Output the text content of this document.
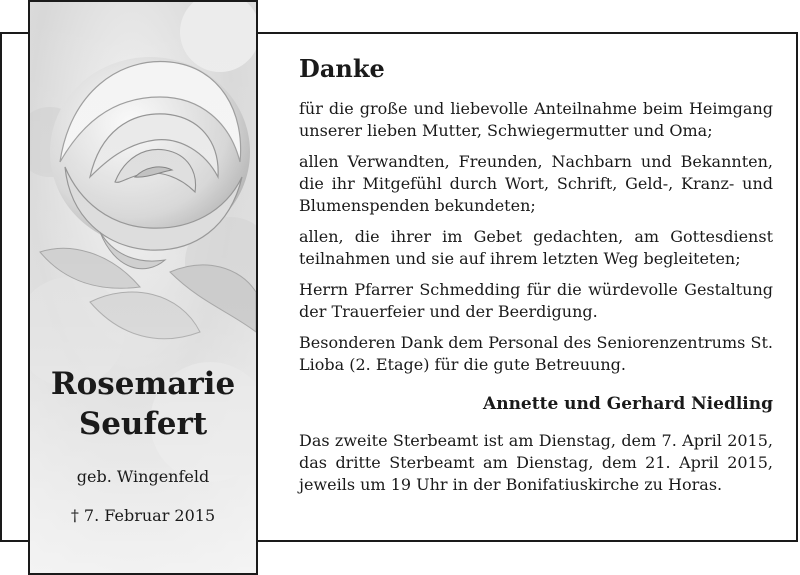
Rosemarie
Seufert
geb. Wingenfeld
† 7. Februar 2015
Danke

für die große und liebevolle Anteilnahme beim Heimgang unserer lieben Mutter, Schwiegermutter und Oma;

allen Verwandten, Freunden, Nachbarn und Bekannten, die ihr Mitgefühl durch Wort, Schrift, Geld-, Kranz- und Blumenspenden bekundeten;

allen, die ihrer im Gebet gedachten, am Gottesdienst teilnahmen und sie auf ihrem letzten Weg begleiteten;

Herrn Pfarrer Schmedding für die würdevolle Gestaltung der Trauerfeier und der Beerdigung.

Besonderen Dank dem Personal des Seniorenzentrums St. Lioba (2. Etage) für die gute Betreuung.

Annette und Gerhard Niedling

Das zweite Sterbeamt ist am Dienstag, dem 7. April 2015, das dritte Sterbeamt am Dienstag, dem 21. April 2015, jeweils um 19 Uhr in der Bonifatiuskirche zu Horas.
